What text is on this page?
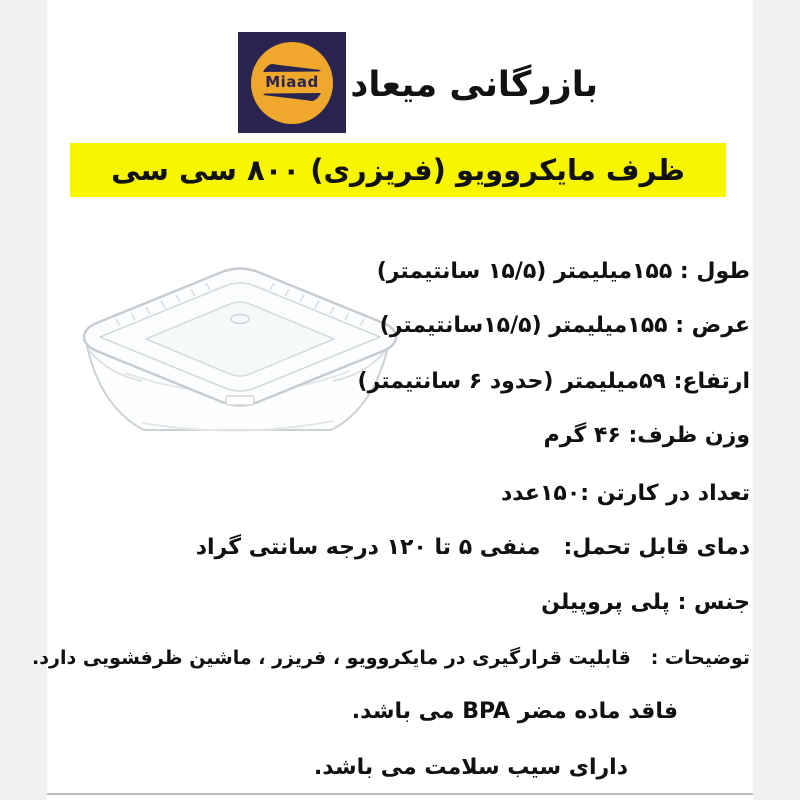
Miaad بازرگانی میعاد
ظرف مایکروویو (فریزری) ۸۰۰ سی سی
طول : ۱۵۵میلیمتر (۱۵/۵ سانتیمتر)
عرض : ۱۵۵میلیمتر (۱۵/۵سانتیمتر)
ارتفاع: ۵۹میلیمتر (حدود ۶ سانتیمتر)
وزن ظرف: ۴۶ گرم
تعداد در کارتن :۱۵۰عدد
دمای قابل تحمل:   منفی ۵ تا ۱۲۰ درجه سانتی گراد
جنس : پلی پروپیلن
توضیحات :   قابلیت قرارگیری در مایکروویو ، فریزر ، ماشین ظرفشویی دارد.
فاقد ماده مضر BPA می باشد.
دارای سیب سلامت می باشد.
